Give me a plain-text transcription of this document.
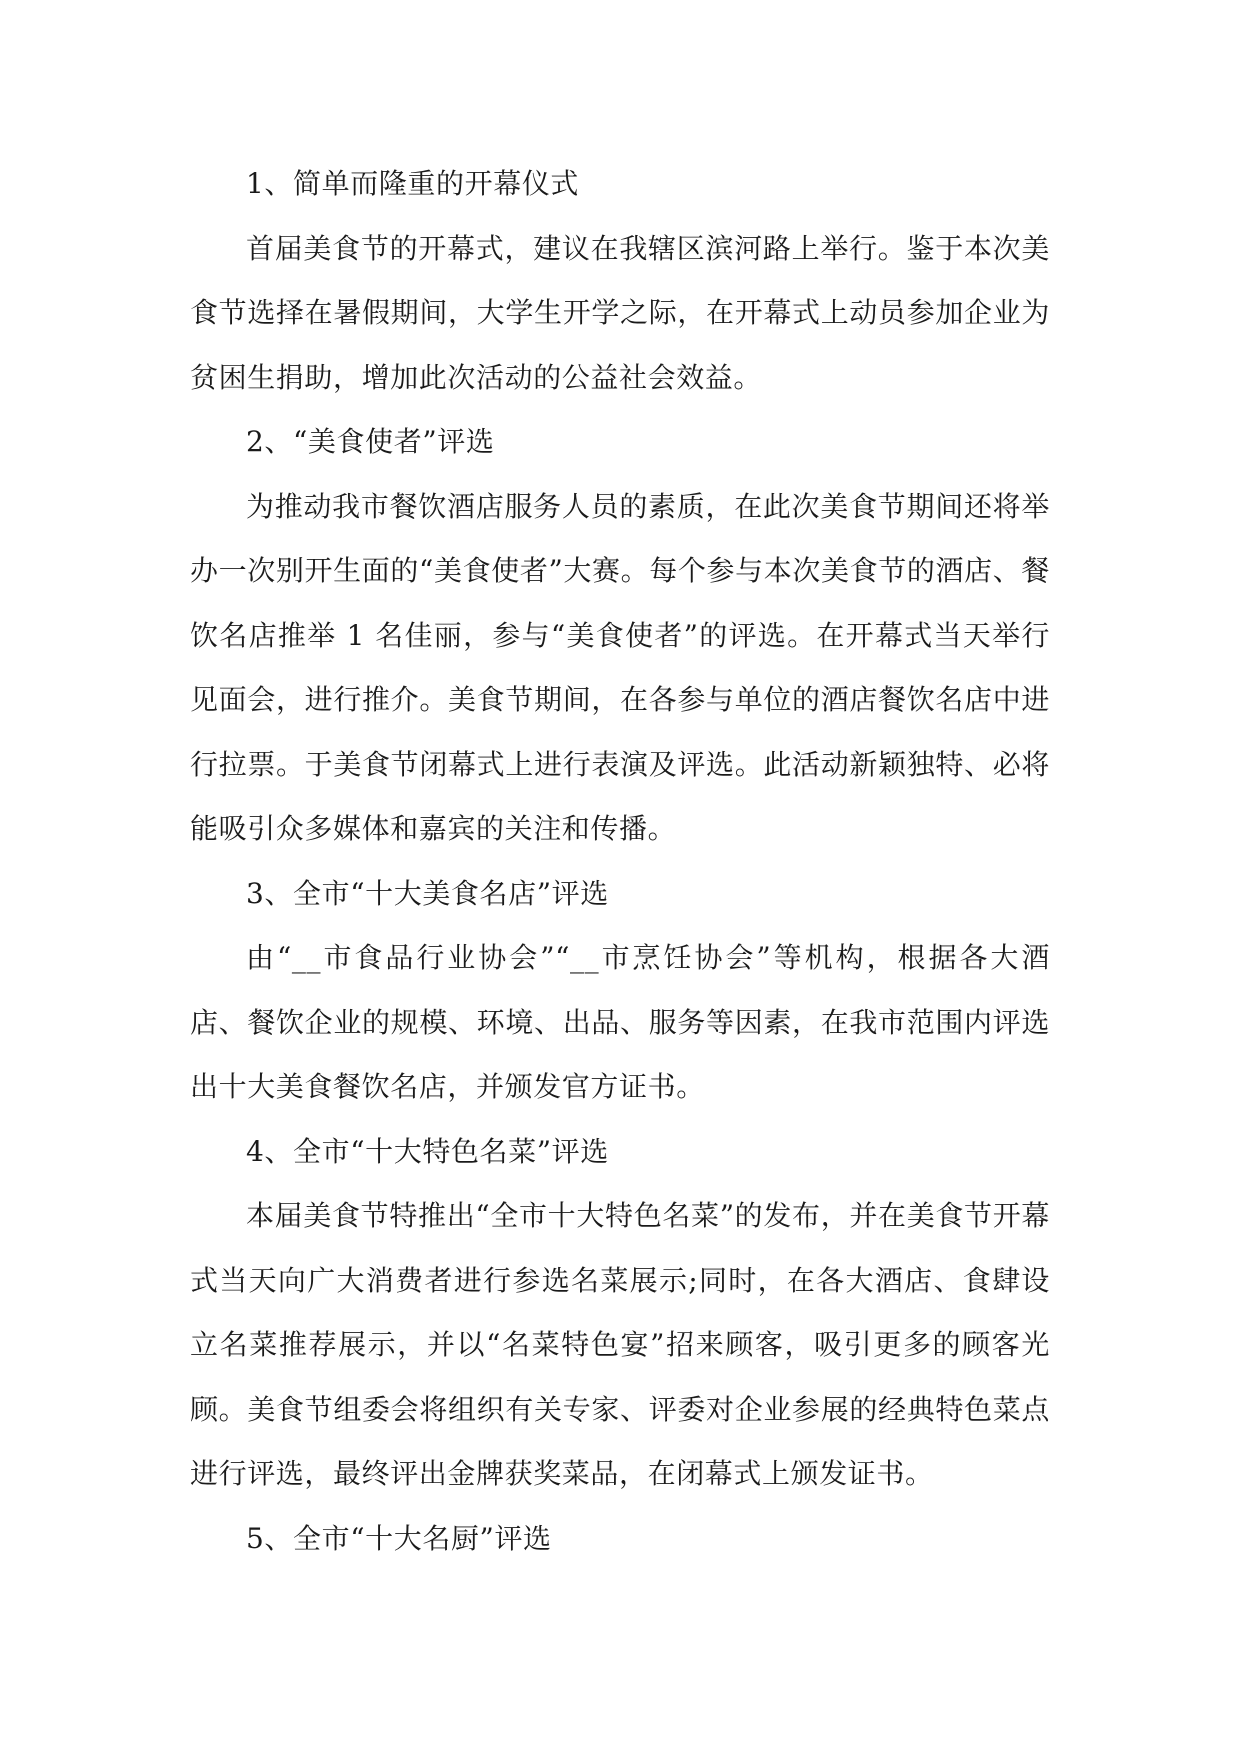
1、简单而隆重的开幕仪式

首届美食节的开幕式，建议在我辖区滨河路上举行。鉴于本次美食节选择在暑假期间，大学生开学之际，在开幕式上动员参加企业为贫困生捐助，增加此次活动的公益社会效益。

2、“美食使者”评选

为推动我市餐饮酒店服务人员的素质，在此次美食节期间还将举办一次别开生面的“美食使者”大赛。每个参与本次美食节的酒店、餐饮名店推举 1 名佳丽，参与“美食使者”的评选。在开幕式当天举行见面会，进行推介。美食节期间，在各参与单位的酒店餐饮名店中进行拉票。于美食节闭幕式上进行表演及评选。此活动新颖独特、必将能吸引众多媒体和嘉宾的关注和传播。

3、全市“十大美食名店”评选

由“__市食品行业协会”“__市烹饪协会”等机构，根据各大酒店、餐饮企业的规模、环境、出品、服务等因素，在我市范围内评选出十大美食餐饮名店，并颁发官方证书。

4、全市“十大特色名菜”评选

本届美食节特推出“全市十大特色名菜”的发布，并在美食节开幕式当天向广大消费者进行参选名菜展示;同时，在各大酒店、食肆设立名菜推荐展示，并以“名菜特色宴”招来顾客，吸引更多的顾客光顾。美食节组委会将组织有关专家、评委对企业参展的经典特色菜点进行评选，最终评出金牌获奖菜品，在闭幕式上颁发证书。

5、全市“十大名厨”评选
